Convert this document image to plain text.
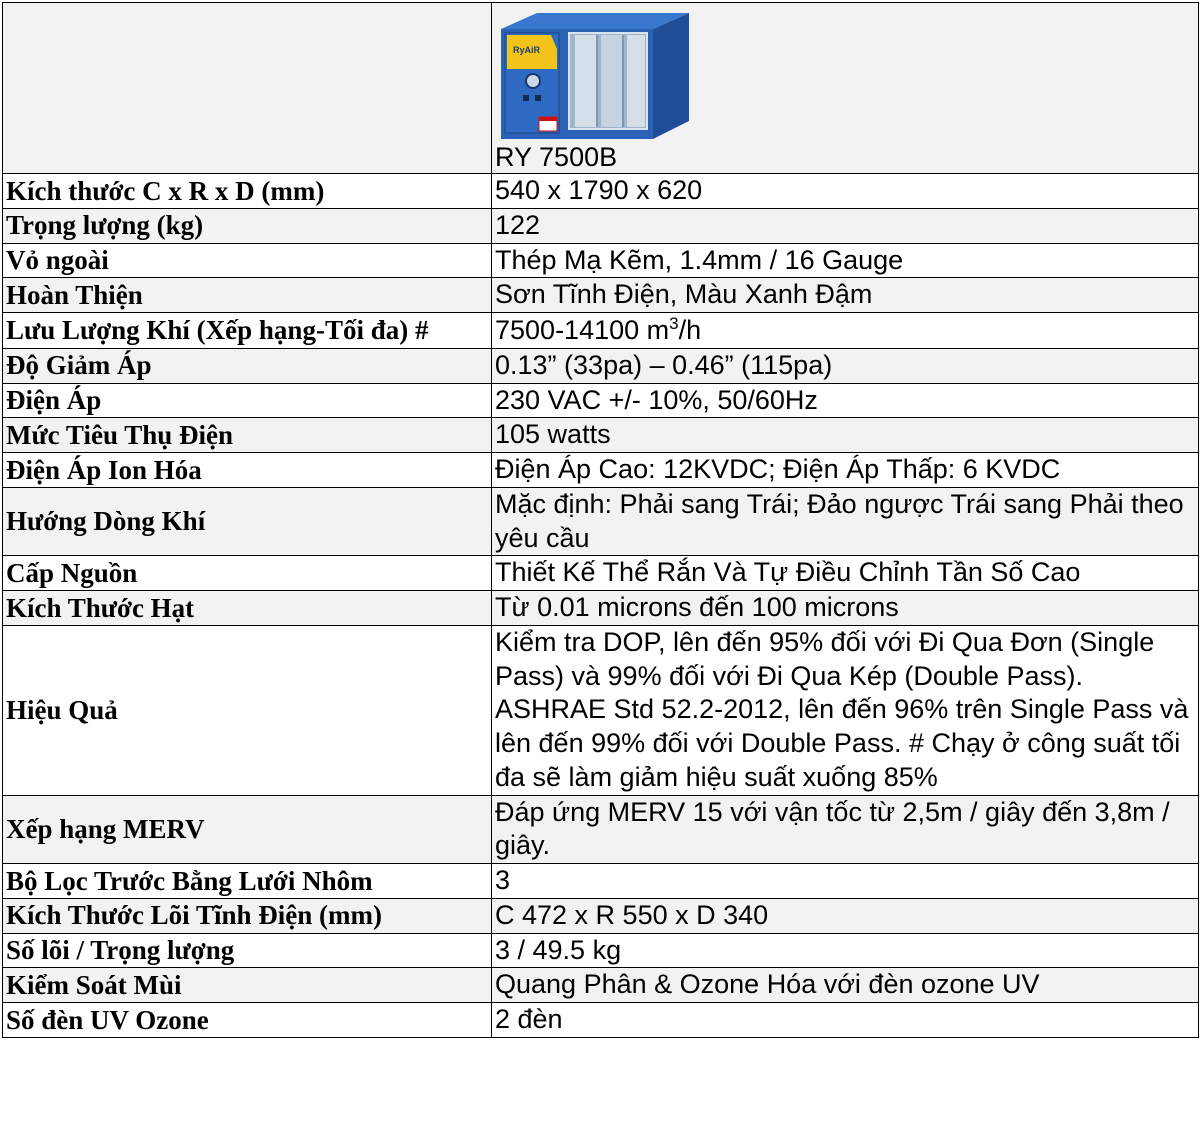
RyAiR
RY 7500B

Kích thước C x R x D (mm)	540 x 1790 x 620
Trọng lượng (kg)	122
Vỏ ngoài	Thép Mạ Kẽm, 1.4mm / 16 Gauge
Hoàn Thiện	Sơn Tĩnh Điện, Màu Xanh Đậm
Lưu Lượng Khí (Xếp hạng-Tối đa) #	7500-14100 $m^3/h$
Độ Giảm Áp	0.13” (33pa) – 0.46” (115pa)
Điện Áp	230 VAC +/- 10%, 50/60Hz
Mức Tiêu Thụ Điện	105 watts
Điện Áp Ion Hóa	Điện Áp Cao: 12KVDC; Điện Áp Thấp: 6 KVDC
Hướng Dòng Khí	Mặc định: Phải sang Trái; Đảo ngược Trái sang Phải theo yêu cầu
Cấp Nguồn	Thiết Kế Thể Rắn Và Tự Điều Chỉnh Tần Số Cao
Kích Thước Hạt	Từ 0.01 microns đến 100 microns
Hiệu Quả	Kiểm tra DOP, lên đến 95% đối với Đi Qua Đơn (Single Pass) và 99% đối với Đi Qua Kép (Double Pass). ASHRAE Std 52.2-2012, lên đến 96% trên Single Pass và lên đến 99% đối với Double Pass. # Chạy ở công suất tối đa sẽ làm giảm hiệu suất xuống 85%
Xếp hạng MERV	Đáp ứng MERV 15 với vận tốc từ 2,5m / giây đến 3,8m / giây.
Bộ Lọc Trước Bằng Lưới Nhôm	3
Kích Thước Lõi Tĩnh Điện (mm)	C 472 x R 550 x D 340
Số lõi / Trọng lượng	3 / 49.5 kg
Kiểm Soát Mùi	Quang Phân & Ozone Hóa với đèn ozone UV
Số đèn UV Ozone	2 đèn
